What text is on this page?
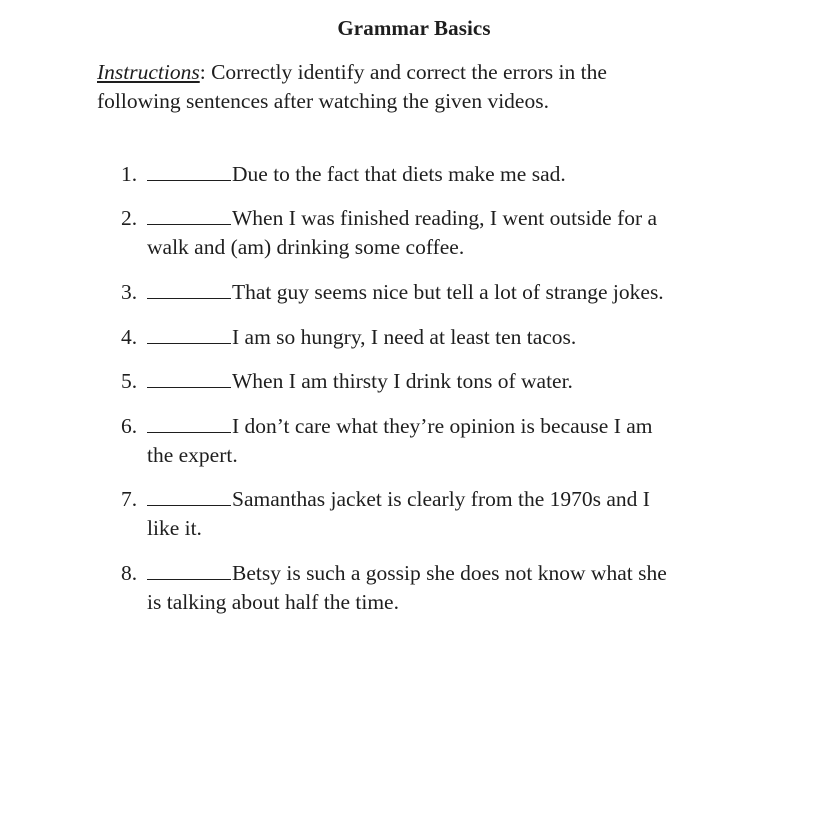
Grammar Basics
Instructions: Correctly identify and correct the errors in the
following sentences after watching the given videos.
1.	Due to the fact that diets make me sad.
2.	When I was finished reading, I went outside for a
walk and (am) drinking some coffee.
3.	That guy seems nice but tell a lot of strange jokes.
4.	I am so hungry, I need at least ten tacos.
5.	When I am thirsty I drink tons of water.
6.	I don’t care what they’re opinion is because I am
the expert.
7.	Samanthas jacket is clearly from the 1970s and I
like it.
8.	Betsy is such a gossip she does not know what she
is talking about half the time.
